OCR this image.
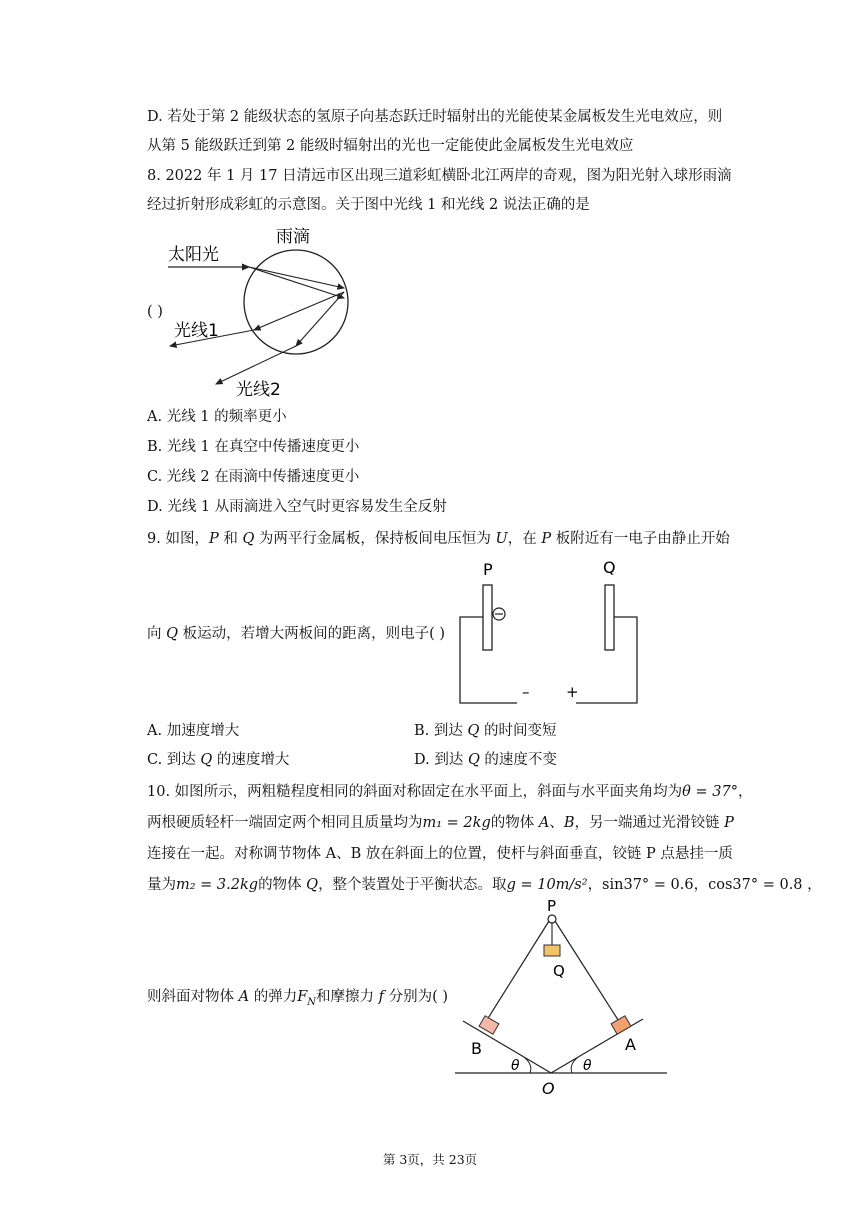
D. 若处于第 2 能级状态的氢原子向基态跃迁时辐射出的光能使某金属板发生光电效应，则
从第 5 能级跃迁到第 2 能级时辐射出的光也一定能使此金属板发生光电效应
8. 2022 年 1 月 17 日清远市区出现三道彩虹横卧北江两岸的奇观，图为阳光射入球形雨滴
经过折射形成彩虹的示意图。关于图中光线 1 和光线 2 说法正确的是
( )
雨滴
太阳光
光线1
光线2
A. 光线 1 的频率更小
B. 光线 1 在真空中传播速度更小
C. 光线 2 在雨滴中传播速度更小
D. 光线 1 从雨滴进入空气时更容易发生全反射
9. 如图，P 和 Q 为两平行金属板，保持板间电压恒为 U，在 P 板附近有一电子由静止开始
向 Q 板运动，若增大两板间的距离，则电子( )
P	Q
– +
A. 加速度增大	B. 到达 Q 的时间变短
C. 到达 Q 的速度增大	D. 到达 Q 的速度不变
10. 如图所示，两粗糙程度相同的斜面对称固定在水平面上，斜面与水平面夹角均为θ = 37°，
两根硬质轻杆一端固定两个相同且质量均为m₁ = 2kg的物体 A、B，另一端通过光滑铰链 P
连接在一起。对称调节物体 A、B 放在斜面上的位置，使杆与斜面垂直，铰链 P 点悬挂一质
量为m₂ = 3.2kg的物体 Q，整个装置处于平衡状态。取g = 10m/s²，sin37° = 0.6，cos37° = 0.8 ，
则斜面对物体 A 的弹力$F_N$和摩擦力 f 分别为( )
P
Q
B	A
θ	θ
O
第 3页，共 23页
